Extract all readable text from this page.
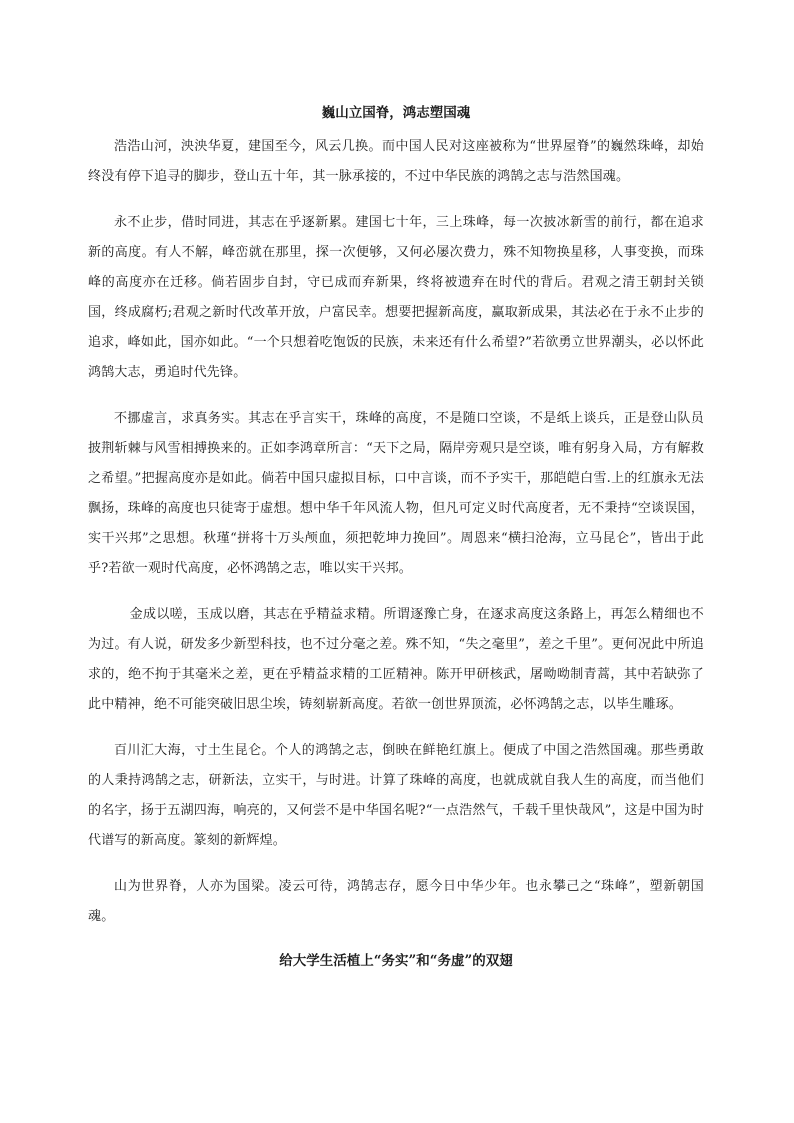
巍山立国脊，鸿志塑国魂

浩浩山河，泱泱华夏，建国至今，风云几换。而中国人民对这座被称为“世界屋脊”的巍然珠峰，却始终没有停下追寻的脚步，登山五十年，其一脉承接的，不过中华民族的鸿鹄之志与浩然国魂。

永不止步，借时同进，其志在乎逐新累。建国七十年，三上珠峰，每一次披冰新雪的前行，都在追求新的高度。有人不解，峰峦就在那里，探一次便够，又何必屡次费力，殊不知物换星移，人事变换，而珠峰的高度亦在迁移。倘若固步自封，守已成而弃新果，终将被遗弃在时代的背后。君观之清王朝封关锁国，终成腐朽;君观之新时代改革开放，户富民幸。想要把握新高度，赢取新成果，其法必在于永不止步的追求，峰如此，国亦如此。“一个只想着吃饱饭的民族，未来还有什么希望?”若欲勇立世界潮头，必以怀此鸿鹄大志，勇追时代先锋。

不挪虚言，求真务实。其志在乎言实干，珠峰的高度，不是随口空谈，不是纸上谈兵，正是登山队员披荆斩棘与风雪相搏换来的。正如李鸿章所言：“天下之局，隔岸旁观只是空谈，唯有躬身入局，方有解救之希望。”把握高度亦是如此。倘若中国只虚拟目标，口中言谈，而不予实干，那皑皑白雪.上的红旗永无法飘扬，珠峰的高度也只徒寄于虚想。想中华千年风流人物，但凡可定义时代高度者，无不秉持“空谈误国，实干兴邦”之思想。秋瑾“拼将十万头颅血，须把乾坤力挽回”。周恩来“横扫沧海，立马昆仑”，皆出于此乎?若欲一观时代高度，必怀鸿鹄之志，唯以实干兴邦。

金成以嗟，玉成以磨，其志在乎精益求精。所谓逐豫亡身，在逐求高度这条路上，再怎么精细也不为过。有人说，研发多少新型科技，也不过分毫之差。殊不知，“失之毫里”，差之千里”。更何况此中所追求的，绝不拘于其毫米之差，更在乎精益求精的工匠精神。陈开甲研核武，屠呦呦制青蒿，其中若缺弥了此中精神，绝不可能突破旧思尘埃，铸刻崭新高度。若欲一创世界顶流，必怀鸿鹄之志，以毕生雕琢。

百川汇大海，寸土生昆仑。个人的鸿鹄之志，倒映在鲜艳红旗上。便成了中国之浩然国魂。那些勇敢的人秉持鸿鹄之志，研新法，立实干，与时进。计算了珠峰的高度，也就成就自我人生的高度，而当他们的名字，扬于五湖四海，响亮的，又何尝不是中华国名呢?“一点浩然气，千载千里快哉风”，这是中国为时代谱写的新高度。篆刻的新辉煌。

山为世界脊，人亦为国梁。凌云可待，鸿鹄志存，愿今日中华少年。也永攀己之“珠峰”，塑新朝国魂。

给大学生活植上“务实”和“务虚”的双翅
